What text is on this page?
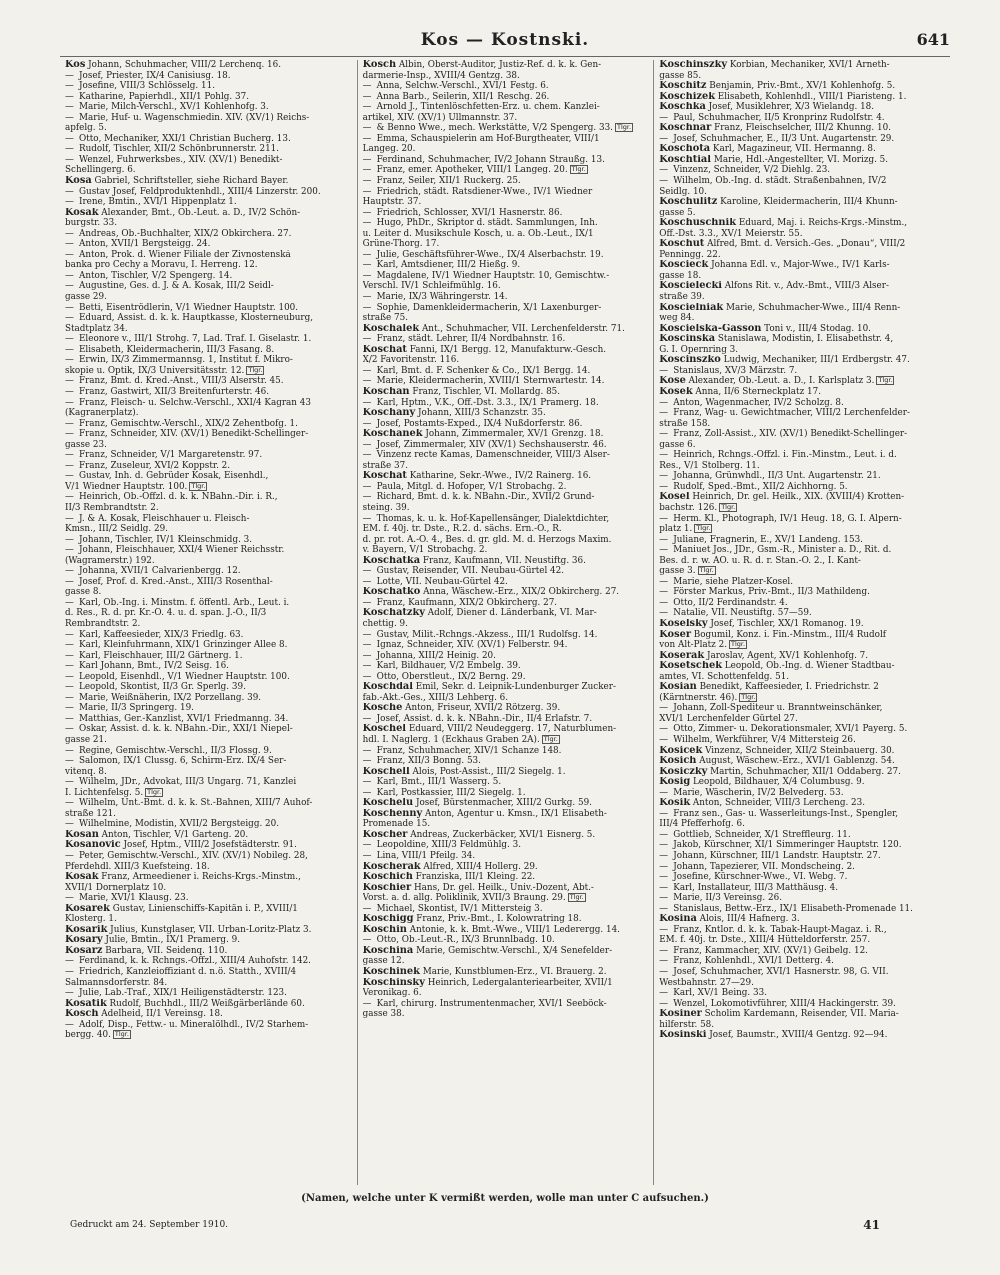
Kos — Kostnski.	641
Kos Johann, Schuhmacher, VIII/2 Lerchenq. 16.
— Josef, Priester, IX/4 Canisiusg. 18.
— Josefine, VIII/3 Schlösselg. 11.
— Katharine, Papierhdl., XII/1 Pohlg. 37.
— Marie, Milch-Verschl., XV/1 Kohlenhofg. 3.
— Marie, Huf- u. Wagenschmiedin. XIV. (XV/1) Reichs-
apfelg. 5.
— Otto, Mechaniker, XXI/1 Christian Bucherg. 13.
— Rudolf, Tischler, XII/2 Schönbrunnerstr. 211.
— Wenzel, Fuhrwerksbes., XIV. (XV/1) Benedikt-
Schellingerg. 6.
Kosa Gabriel, Schriftsteller, siehe Richard Bayer.
— Gustav Josef, Feldproduktenhdl., XIII/4 Linzerstr. 200.
— Irene, Bmtin., XVI/1 Hippenplatz 1.
Kosak Alexander, Bmt., Ob.-Leut. a. D., IV/2 Schön-
burgstr. 33.
— Andreas, Ob.-Buchhalter, XIX/2 Obkirchera. 27.
— Anton, XVII/1 Bergsteigg. 24.
— Anton, Prok. d. Wiener Filiale der Živnostenská
banka pro Čechy a Moravu, I. Herreng. 12.
— Anton, Tischler, V/2 Spengerg. 14.
— Augustine, Ges. d. J. & A. Kosak, III/2 Seidl-
gasse 29.
— Betti, Eisentrödlerin, V/1 Wiedner Hauptstr. 100.
— Eduard, Assist. d. k. k. Hauptkasse, Klosterneuburg,
Stadtplatz 34.
— Eleonore v., III/1 Strohg. 7, Lad. Traf. I. Giselastr. 1.
— Elisabeth, Kleidermacherin, III/3 Fasang. 8.
— Erwin, IX/3 Zimmermannsg. 1, Institut f. Mikro-
skopie u. Optik, IX/3 Universitätsstr. 12. Tlgr.
— Franz, Bmt. d. Kred.-Anst., VIII/3 Alserstr. 45.
— Franz, Gastwirt, XII/3 Breitenfurterstr. 46.
— Franz, Fleisch- u. Selchw.-Verschl., XXI/4 Kagran 43
(Kagranerplatz).
— Franz, Gemischtw.-Verschl., XIX/2 Zehentbofg. 1.
— Franz, Schneider, XIV. (XV/1) Benedikt-Schellinger-
gasse 23.
— Franz, Schneider, V/1 Margaretenstr. 97.
— Franz, Zuseleur, XVI/2 Koppstr. 2.
— Gustav, Inh. d. Gebrüder Kosak, Eisenhdl.,
V/1 Wiedner Hauptstr. 100. Tlgr.
— Heinrich, Ob.-Offzl. d. k. k. NBahn.-Dir. i. R.,
II/3 Rembrandtstr. 2.
— J. & A. Kosak, Fleischhauer u. Fleisch-
Kmsn., III/2 Seidlg. 29.
— Johann, Tischler, IV/1 Kleinschmidg. 3.
— Johann, Fleischhauer, XXI/4 Wiener Reichsstr.
(Wagramerstr.) 192.
— Johanna, XVII/1 Calvarienbergg. 12.
— Josef, Prof. d. Kred.-Anst., XIII/3 Rosenthal-
gasse 8.
— Karl, Ob.-Ing. i. Minstm. f. öffentl. Arb., Leut. i.
d. Res., R. d. pr. Kr.-O. 4. u. d. span. J.-O., II/3
Rembrandtstr. 2.
— Karl, Kaffeesieder, XIX/3 Friedlg. 63.
— Karl, Kleinfuhrmann, XIX/1 Grinzinger Allee 8.
— Karl, Fleischhauer, III/2 Gärtnerg. 1.
— Karl Johann, Bmt., IV/2 Seisg. 16.
— Leopold, Eisenhdl., V/1 Wiedner Hauptstr. 100.
— Leopold, Skontist, II/3 Gr. Sperlg. 39.
— Marie, Weißnäherin, IX/2 Porzellang. 39.
— Marie, II/3 Springerg. 19.
— Matthias, Ger.-Kanzlist, XVI/1 Friedmanng. 34.
— Oskar, Assist. d. k. k. NBahn.-Dir., XXI/1 Niepel-
gasse 21.
— Regine, Gemischtw.-Verschl., II/3 Flossg. 9.
— Salomon, IX/1 Clussg. 6, Schirm-Erz. IX/4 Ser-
vitenq. 8.
— Wilhelm, JDr., Advokat, III/3 Ungarg. 71, Kanzlei
I. Lichtenfelsg. 5. Tlgr.
— Wilhelm, Unt.-Bmt. d. k. k. St.-Bahnen, XIII/7 Auhof-
straße 121.
— Wilhelmine, Modistin, XVII/2 Bergsteigg. 20.
Kosan Anton, Tischler, V/1 Garteng. 20.
Kosanovic Josef, Hptm., VIII/2 Josefstädterstr. 91.
— Peter, Gemischtw.-Verschl., XIV. (XV/1) Nobileg. 28,
Pferdehdl. XIII/3 Kuefsteing. 18.
Kosak Franz, Armeediener i. Reichs-Krgs.-Minstm.,
XVII/1 Dornerplatz 10.
— Marie, XVI/1 Klausg. 23.
Kosarek Gustav, Linienschiffs-Kapitän i. P., XVIII/1
Klosterg. 1.
Kosarik Julius, Kunstglaser, VII. Urban-Loritz-Platz 3.
Kosary Julie, Bmtin., IX/1 Pramerg. 9.
Kosarz Barbara, VII. Seidenq. 110.
— Ferdinand, k. k. Rchngs.-Offzl., XIII/4 Auhofstr. 142.
— Friedrich, Kanzleioffiziant d. n.ö. Statth., XVIII/4
Salmannsdorferstr. 84.
— Julie, Lab.-Traf., XIX/1 Heiligenstädterstr. 123.
Kosatik Rudolf, Buchhdl., III/2 Weißgärberlände 60.
Kosch Adelheid, II/1 Vereinsg. 18.
— Adolf, Disp., Fettw.- u. Mineralölhdl., IV/2 Starhem-
bergg. 40. Tlgr.
Kosch Albin, Oberst-Auditor, Justiz-Ref. d. k. k. Gen-
darmerie-Insp., XVIII/4 Gentzg. 38.
— Anna, Selchw.-Verschl., XVI/1 Festg. 6.
— Anna Barb., Seilerin, XII/1 Reschg. 26.
— Arnold J., Tintenlöschfetten-Erz. u. chem. Kanzlei-
artikel, XIV. (XV/1) Ullmannstr. 37.
— & Benno Wwe., mech. Werkstätte, V/2 Spengerg. 33. Tlgr.
— Emma, Schauspielerin am Hof-Burgtheater, VIII/1
Langeg. 20.
— Ferdinand, Schuhmacher, IV/2 Johann Straußg. 13.
— Franz, emer. Apotheker, VIII/1 Langeg. 20. Tlgr.
— Franz, Seiler, XII/1 Ruckerg. 25.
— Friedrich, städt. Ratsdiener-Wwe., IV/1 Wiedner
Hauptstr. 37.
— Friedrich, Schlosser, XVI/1 Hasnerstr. 86.
— Hugo, PhDr., Skriptor d. städt. Sammlungen, Inh.
u. Leiter d. Musikschule Kosch, u. a. Ob.-Leut., IX/1
Grüne-Thorg. 17.
— Julie, Geschäftsführer-Wwe., IX/4 Alserbachstr. 19.
— Karl, Amtsdiener, III/2 Hießg. 9.
— Magdalene, IV/1 Wiedner Hauptstr. 10, Gemischtw.-
Verschl. IV/1 Schleifmühlg. 16.
— Marie, IX/3 Währingerstr. 14.
— Sophie, Damenkleidermacherin, X/1 Laxenburger-
straße 75.
Koschalek Ant., Schuhmacher, VII. Lerchenfelderstr. 71.
— Franz, städt. Lehrer, II/4 Nordbahnstr. 16.
Koschat Fanni, IX/1 Bergg. 12, Manufakturw.-Gesch.
X/2 Favoritenstr. 116.
— Karl, Bmt. d. F. Schenker & Co., IX/1 Bergg. 14.
— Marie, Kleidermacherin, XVIII/1 Sternwartestr. 14.
Koschan Franz, Tischler, VI. Mollardg. 85.
— Karl, Hptm., V.K., Off.-Dst. 3.3., IX/1 Pramerg. 18.
Koschany Johann, XIII/3 Schanzstr. 35.
— Josef, Postamts-Exped., IX/4 Nußdorferstr. 86.
Koschanek Johann, Zimmermaler, XV/1 Grenzg. 18.
— Josef, Zimmermaler, XIV (XV/1) Sechshauserstr. 46.
— Vinzenz recte Kamas, Damenschneider, VIII/3 Alser-
straße 37.
Koschat Katharine, Sekr.-Wwe., IV/2 Rainerg. 16.
— Paula, Mitgl. d. Hofoper, V/1 Strobachg. 2.
— Richard, Bmt. d. k. k. NBahn.-Dir., XVII/2 Grund-
steing. 39.
— Thomas, k. u. k. Hof-Kapellensänger, Dialektdichter,
EM. f. 40j. tr. Dste., R.2. d. sächs. Ern.-O., R.
d. pr. rot. A.-O. 4., Bes. d. gr. gld. M. d. Herzogs Maxim.
v. Bayern, V/1 Strobachg. 2.
Koschatka Franz, Kaufmann, VII. Neustiftg. 36.
— Gustav, Reisender, VII. Neubau-Gürtel 42.
— Lotte, VII. Neubau-Gürtel 42.
Koschatko Anna, Wäschew.-Erz., XIX/2 Obkircherg. 27.
— Franz, Kaufmann, XIX/2 Obkircherg. 27.
Koschatzky Adolf, Diener d. Länderbank, VI. Mar-
chettig. 9.
— Gustav, Milit.-Rchngs.-Akzess., III/1 Rudolfsg. 14.
— Ignaz, Schneider, XIV. (XV/1) Felberstr. 94.
— Johanna, XIII/2 Heinig. 20.
— Karl, Bildhauer, V/2 Embelg. 39.
— Otto, Oberstleut., IX/2 Berng. 29.
Koschdal Emil, Sekr. d. Leipnik-Lundenburger Zucker-
fab.-Akt.-Ges., XIII/3 Lehberg. 6.
Kosche Anton, Friseur, XVII/2 Rötzerg. 39.
— Josef, Assist. d. k. k. NBahn.-Dir., II/4 Erlafstr. 7.
Koschel Eduard, VIII/2 Neudeggerg. 17, Naturblumen-
hdl. I. Naglerg. 1 (Eckhaus Graben 2A). Tlgr.
— Franz, Schuhmacher, XIV/1 Schanze 148.
— Franz, XII/3 Bonng. 53.
Koschell Alois, Post-Assist., III/2 Siegelg. 1.
— Karl, Bmt., III/1 Wasserg. 5.
— Karl, Postkassier, III/2 Siegelg. 1.
Koschelu Josef, Bürstenmacher, XIII/2 Gurkg. 59.
Koschenny Anton, Agentur u. Kmsn., IX/1 Elisabeth-
Promenade 15.
Koscher Andreas, Zuckerbäcker, XVI/1 Eisnerg. 5.
— Leopoldine, XIII/3 Feldmühlg. 3.
— Lina, VIII/1 Pfeilg. 34.
Koscherak Alfred, XIII/4 Hollerg. 29.
Koschich Franziska, III/1 Kleing. 22.
Koschier Hans, Dr. gel. Heilk., Univ.-Dozent, Abt.-
Vorst. a. d. allg. Poliklinik, XVII/3 Braung. 29. Tlgr.
— Michael, Skontist, IV/1 Mittersteig 3.
Koschigg Franz, Priv.-Bmt., I. Kolowratring 18.
Koschin Antonie, k. k. Bmt.-Wwe., VIII/1 Lederergg. 14.
— Otto, Ob.-Leut.-R., IX/3 Brunnlbadg. 10.
Koschina Marie, Gemischtw.-Verschl., X/4 Senefelder-
gasse 12.
Koschinek Marie, Kunstblumen-Erz., VI. Brauerg. 2.
Koschinsky Heinrich, Ledergalanteriearbeiter, XVII/1
Veronikag. 6.
— Karl, chirurg. Instrumentenmacher, XVI/1 Seeböck-
gasse 38.
Koschinszky Korbian, Mechaniker, XVI/1 Arneth-
gasse 85.
Koschitz Benjamin, Priv.-Bmt., XV/1 Kohlenhofg. 5.
Koschizek Elisabeth, Kohlenhdl., VIII/1 Piaristeng. 1.
Koschka Josef, Musiklehrer, X/3 Wielandg. 18.
— Paul, Schuhmacher, II/5 Kronprinz Rudolfstr. 4.
Koschnar Franz, Fleischselcher, III/2 Khunng. 10.
— Josef, Schuhmacher, E., II/3 Unt. Augartenstr. 29.
Koschota Karl, Magazineur, VII. Hermanng. 8.
Koschtial Marie, Hdl.-Angestellter, VI. Morizg. 5.
— Vinzenz, Schneider, V/2 Diehlg. 23.
— Wilhelm, Ob.-Ing. d. städt. Straßenbahnen, IV/2
Seidlg. 10.
Koschulitz Karoline, Kleidermacherin, III/4 Khunn-
gasse 5.
Koschuschnik Eduard, Maj. i. Reichs-Krgs.-Minstm.,
Off.-Dst. 3.3., XV/1 Meierstr. 55.
Koschut Alfred, Bmt. d. Versich.-Ges. „Donau“, VIII/2
Penningg. 22.
Koscieck Johanna Edl. v., Major-Wwe., IV/1 Karls-
gasse 18.
Koscielecki Alfons Rit. v., Adv.-Bmt., VIII/3 Alser-
straße 39.
Koscielniak Marie, Schuhmacher-Wwe., III/4 Renn-
weg 84.
Koscielska-Gasson Toni v., III/4 Stodag. 10.
Koscinska Stanislawa, Modistin, I. Elisabethstr. 4,
G. I. Opernring 3.
Koscinszko Ludwig, Mechaniker, III/1 Erdbergstr. 47.
— Stanislaus, XV/3 Märzstr. 7.
Kose Alexander, Ob.-Leut. a. D., I. Karlsplatz 3. Tlgr.
Kosek Anna, II/6 Sterneckplatz 17.
— Anton, Wagenmacher, IV/2 Scholzg. 8.
— Franz, Wag- u. Gewichtmacher, VIII/2 Lerchenfelder-
straße 158.
— Franz, Zoll-Assist., XIV. (XV/1) Benedikt-Schellinger-
gasse 6.
— Heinrich, Rchngs.-Offzl. i. Fin.-Minstm., Leut. i. d.
Res., V/1 Stolberg. 11.
— Johanna, Grünwhdl., II/3 Unt. Augartenstr. 21.
— Rudolf, Sped.-Bmt., XII/2 Aichhorng. 5.
Kosel Heinrich, Dr. gel. Heilk., XIX. (XVIII/4) Krotten-
bachstr. 126. Tlgr.
— Herm. Kl., Photograph, IV/1 Heug. 18, G. I. Alpern-
platz 1. Tlgr.
— Juliane, Fragnerin, E., XV/1 Landeng. 153.
— Maniuet Jos., JDr., Gsm.-R., Minister a. D., Rit. d.
Bes. d. r. w. AO. u. R. d. r. Stan.-O. 2., I. Kant-
gasse 3. Tlgr.
— Marie, siehe Platzer-Kosel.
— Förster Markus, Priv.-Bmt., II/3 Mathildeng.
— Otto, II/2 Ferdinandstr. 4.
— Natalie, VII. Neustiftg. 57—59.
Koselsky Josef, Tischler, XX/1 Romanog. 19.
Koser Bogumil, Konz. i. Fin.-Minstm., III/4 Rudolf
von Alt-Platz 2. Tlgr.
Koserak Jaroslav, Agent, XV/1 Kohlenhofg. 7.
Kosetschek Leopold, Ob.-Ing. d. Wiener Stadtbau-
amtes, VI. Schottenfeldg. 51.
Kosian Benedikt, Kaffeesieder, I. Friedrichstr. 2
(Kärntnerstr. 46). Tlgr.
— Johann, Zoll-Spediteur u. Branntweinschänker,
XVI/1 Lerchenfelder Gürtel 27.
— Otto, Zimmer- u. Dekorationsmaler, XVI/1 Payerg. 5.
— Wilhelm, Werkführer, V/4 Mittersteig 26.
Kosicek Vinzenz, Schneider, XII/2 Steinbauerg. 30.
Kosich August, Wäschew.-Erz., XVI/1 Gablenzg. 54.
Kosiczky Martin, Schuhmacher, XII/1 Oddaberg. 27.
Kosig Leopold, Bildhauer, X/4 Columbusg. 9.
— Marie, Wäscherin, IV/2 Belvederg. 53.
Kosik Anton, Schneider, VIII/3 Lercheng. 23.
— Franz sen., Gas- u. Wasserleitungs-Inst., Spengler,
III/4 Pfefferhofg. 6.
— Gottlieb, Schneider, X/1 Streffleurg. 11.
— Jakob, Kürschner, XI/1 Simmeringer Hauptstr. 120.
— Johann, Kürschner, III/1 Landstr. Hauptstr. 27.
— Johann, Tapezierer, VII. Mondscheing. 2.
— Josefine, Kürschner-Wwe., VI. Webg. 7.
— Karl, Installateur, III/3 Matthäusg. 4.
— Marie, II/3 Vereinsg. 26.
— Stanislaus, Bettw.-Erz., IX/1 Elisabeth-Promenade 11.
Kosina Alois, III/4 Hafnerg. 3.
— Franz, Kntlor. d. k. k. Tabak-Haupt-Magaz. i. R.,
EM. f. 40j. tr. Dste., XIII/4 Hütteldorferstr. 257.
— Franz, Kammacher, XIV. (XV/1) Geibelg. 12.
— Franz, Kohlenhdl., XVI/1 Detterg. 4.
— Josef, Schuhmacher, XVI/1 Hasnerstr. 98, G. VII.
Westbahnstr. 27—29.
— Karl, XV/1 Being. 33.
— Wenzel, Lokomotivführer, XIII/4 Hackingerstr. 39.
Kosiner Scholim Kardemann, Reisender, VII. Maria-
hilferstr. 58.
Kosinski Josef, Baumstr., XVIII/4 Gentzg. 92—94.
(Namen, welche unter K vermißt werden, wolle man unter C aufsuchen.)
Gedruckt am 24. September 1910.	41
